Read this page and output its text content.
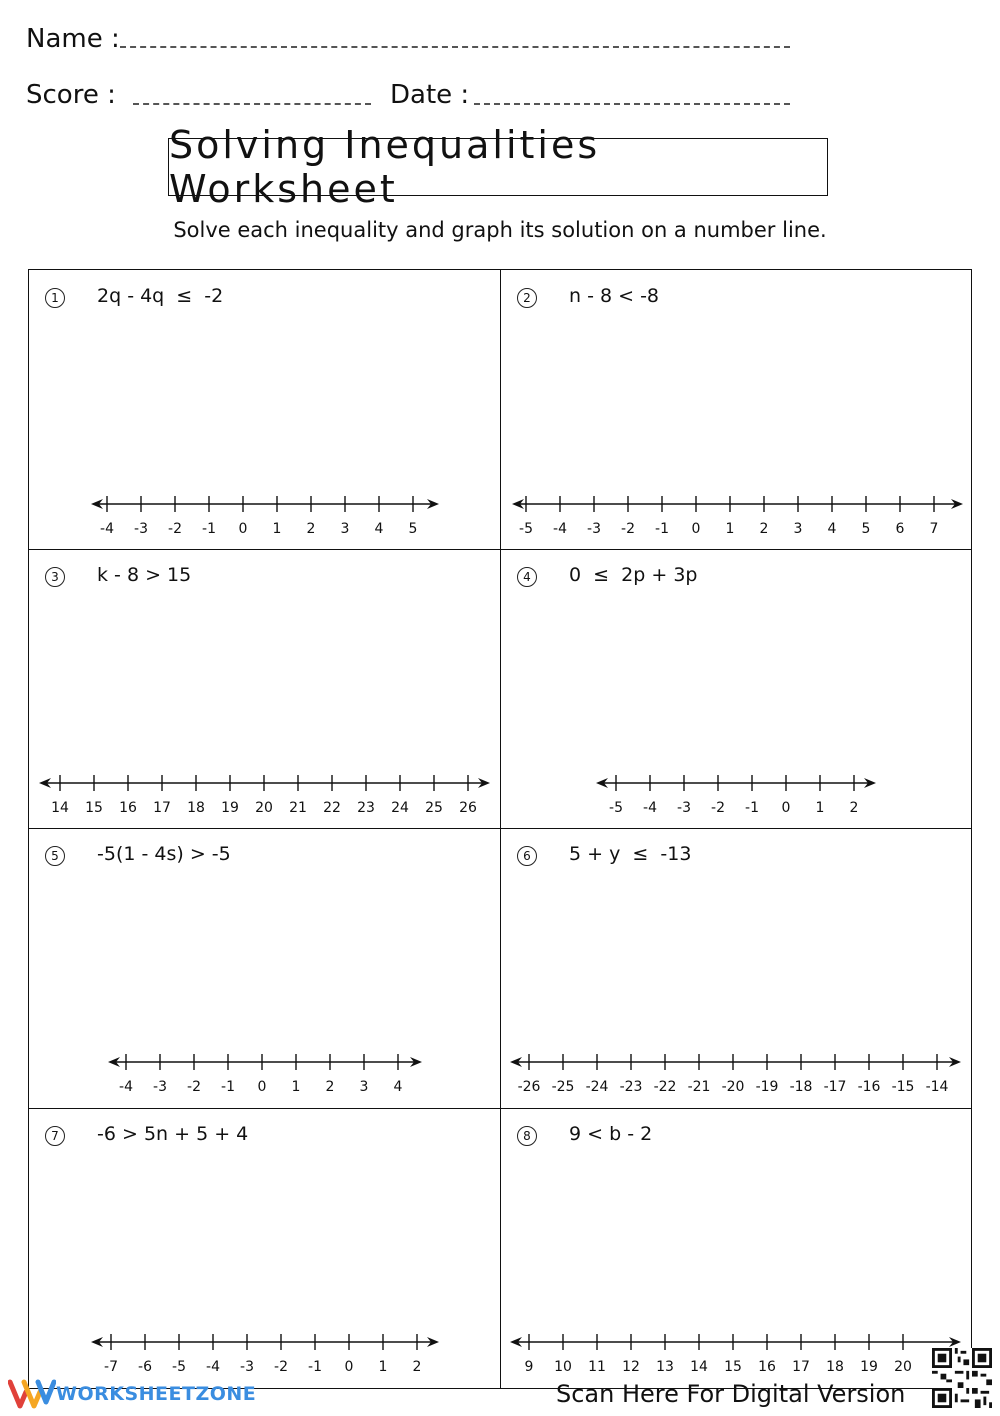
Name :
Score :	Date :
Solving Inequalities Worksheet
Solve each inequality and graph its solution on a number line.
1	2q - 4q  ≤  -2
-4 -3 -2 -1 0 1 2 3 4 5
2	n - 8 < -8
-5 -4 -3 -2 -1 0 1 2 3 4 5 6 7
3	k - 8 > 15
14 15 16 17 18 19 20 21 22 23 24 25 26
4	0  ≤  2p + 3p
-5 -4 -3 -2 -1 0 1 2
5	-5(1 - 4s) > -5
-4 -3 -2 -1 0 1 2 3 4
6	5 + y  ≤  -13
-26 -25 -24 -23 -22 -21 -20 -19 -18 -17 -16 -15 -14
7	-6 > 5n + 5 + 4
-7 -6 -5 -4 -3 -2 -1 0 1 2
8	9 < b - 2
9 10 11 12 13 14 15 16 17 18 19 20
WORKSHEETZONE	Scan Here For Digital Version
